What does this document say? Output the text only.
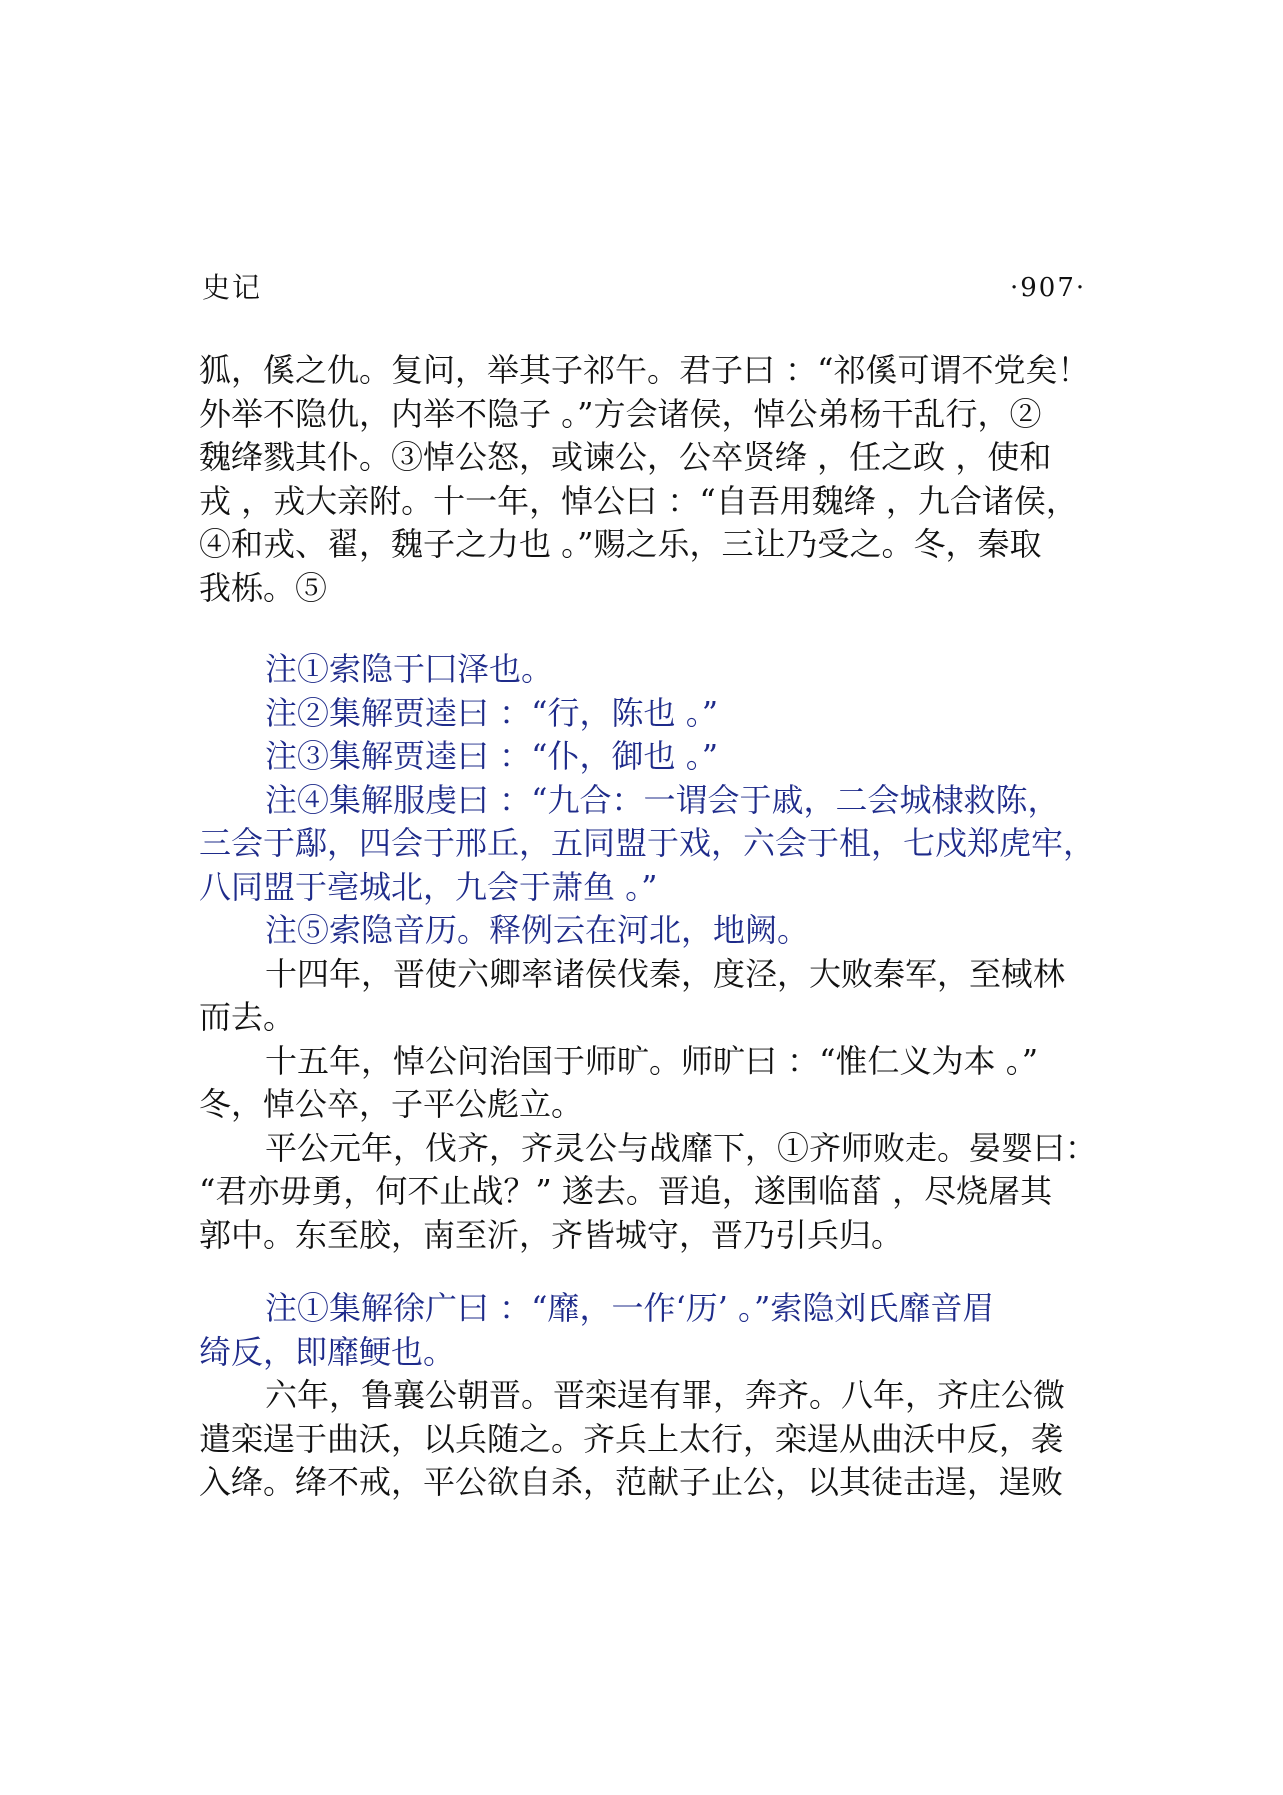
史记	·907·

狐，傒之仇。复问，举其子祁午。君子曰 ：“祁傒可谓不党矣！

外举不隐仇，内举不隐子 。”方会诸侯，悼公弟杨干乱行，②

魏绛戮其仆。③悼公怒，或谏公，公卒贤绛 ，任之政 ，使和

戎 ，戎大亲附。十一年，悼公曰 ：“自吾用魏绛 ，九合诸侯，

④和戎、翟，魏子之力也 。”赐之乐，三让乃受之。冬，秦取

我栎。⑤

注①索隐于囗泽也。

注②集解贾逵曰 ：“行，陈也 。”

注③集解贾逵曰 ：“仆，御也 。”

注④集解服虔曰 ：“九合：一谓会于戚，二会城棣救陈，

三会于鄬，四会于邢丘，五同盟于戏，六会于柤，七戍郑虎牢，

八同盟于亳城北，九会于萧鱼 。”

注⑤索隐音历。释例云在河北，地阙。

十四年，晋使六卿率诸侯伐秦，度泾，大败秦军，至棫林

而去。

十五年，悼公问治国于师旷。师旷曰 ：“惟仁义为本 。”

冬，悼公卒，子平公彪立。

平公元年，伐齐，齐灵公与战靡下，①齐师败走。晏婴曰：

“君亦毋勇，何不止战？” 遂去。晋追，遂围临菑 ，尽烧屠其

郭中。东至胶，南至沂，齐皆城守，晋乃引兵归。

注①集解徐广曰 ：“靡，一作‘历’ 。”索隐刘氏靡音眉

绮反，即靡鲠也。

六年，鲁襄公朝晋。晋栾逞有罪，奔齐。八年，齐庄公微

遣栾逞于曲沃，以兵随之。齐兵上太行，栾逞从曲沃中反，袭

入绛。绛不戒，平公欲自杀，范献子止公，以其徒击逞，逞败
